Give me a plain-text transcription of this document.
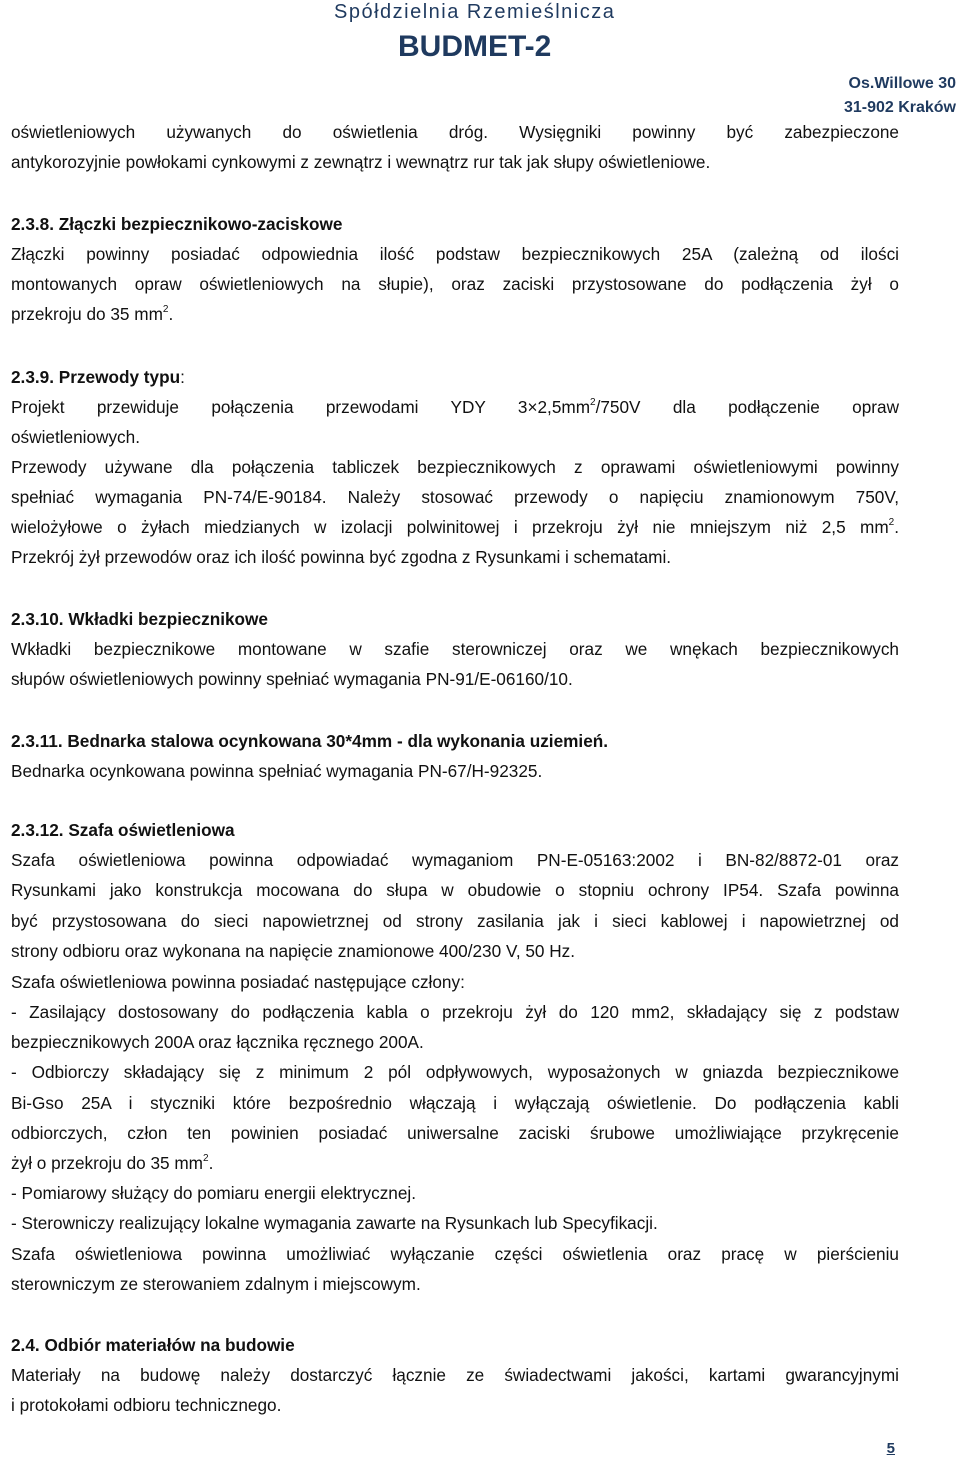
Spółdzielnia Rzemieślnicza
BUDMET-2
Os.Willowe 30
31-902 Kraków
oświetleniowych używanych do oświetlenia dróg. Wysięgniki powinny być zabezpieczone
antykorozyjnie powłokami cynkowymi z zewnątrz i wewnątrz rur tak jak słupy oświetleniowe.
2.3.8. Złączki bezpiecznikowo-zaciskowe
Złączki powinny posiadać odpowiednia ilość podstaw bezpiecznikowych 25A (zależną od ilości
montowanych opraw oświetleniowych na słupie), oraz zaciski przystosowane do podłączenia żył o
przekroju do 35 $mm^2$.
2.3.9. Przewody typu:
Projekt przewiduje połączenia przewodami YDY $3\times 2,5mm^2/750V$ dla podłączenie opraw
oświetleniowych.
Przewody używane dla połączenia tabliczek bezpiecznikowych z oprawami oświetleniowymi powinny
spełniać wymagania PN-74/E-90184. Należy stosować przewody o napięciu znamionowym 750V,
wielożyłowe o żyłach miedzianych w izolacji polwinitowej i przekroju żył nie mniejszym niż 2,5 $mm^2$.
Przekrój żył przewodów oraz ich ilość powinna być zgodna z Rysunkami i schematami.
2.3.10. Wkładki bezpiecznikowe
Wkładki bezpiecznikowe montowane w szafie sterowniczej oraz we wnękach bezpiecznikowych
słupów oświetleniowych powinny spełniać wymagania PN-91/E-06160/10.
2.3.11. Bednarka stalowa ocynkowana 30*4mm - dla wykonania uziemień.
Bednarka ocynkowana powinna spełniać wymagania PN-67/H-92325.
2.3.12. Szafa oświetleniowa
Szafa oświetleniowa powinna odpowiadać wymaganiom PN-E-05163:2002 i BN-82/8872-01 oraz
Rysunkami jako konstrukcja mocowana do słupa w obudowie o stopniu ochrony IP54. Szafa powinna
być przystosowana do sieci napowietrznej od strony zasilania jak i sieci kablowej i napowietrznej od
strony odbioru oraz wykonana na napięcie znamionowe 400/230 V, 50 Hz.
Szafa oświetleniowa powinna posiadać następujące człony:
- Zasilający dostosowany do podłączenia kabla o przekroju żył do 120 mm2, składający się z podstaw
bezpiecznikowych 200A oraz łącznika ręcznego 200A.
- Odbiorczy składający się z minimum 2 pól odpływowych, wyposażonych w gniazda bezpiecznikowe
Bi-Gso 25A i styczniki które bezpośrednio włączają i wyłączają oświetlenie. Do podłączenia kabli
odbiorczych, człon ten powinien posiadać uniwersalne zaciski śrubowe umożliwiające przykręcenie
żył o przekroju do 35 $mm^2$.
- Pomiarowy służący do pomiaru energii elektrycznej.
- Sterowniczy realizujący lokalne wymagania zawarte na Rysunkach lub Specyfikacji.
Szafa oświetleniowa powinna umożliwiać wyłączanie części oświetlenia oraz pracę w pierścieniu
sterowniczym ze sterowaniem zdalnym i miejscowym.
2.4. Odbiór materiałów na budowie
Materiały na budowę należy dostarczyć łącznie ze świadectwami jakości, kartami gwarancyjnymi
i protokołami odbioru technicznego.
5
